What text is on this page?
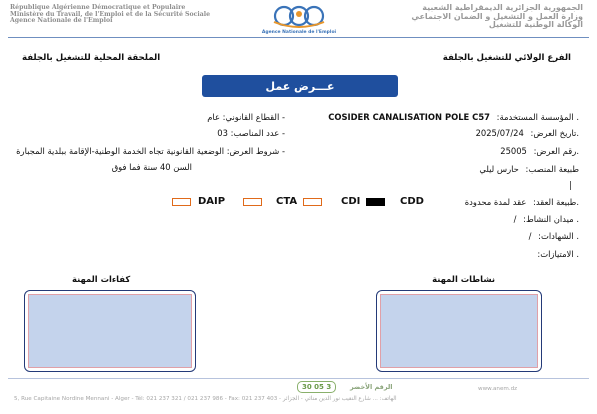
République Algérienne Démocratique et Populaire
Ministère du Travail, de l'Emploi et de la Sécurité Sociale
Agence Nationale de l'Emploi
الجمهورية الجزائرية الديمقراطية الشعبية
وزارة العمل و التشغيل و الضمان الاجتماعي
الوكالة الوطنية للتشغيل
Agence Nationale de l'Emploi
الفرع الولائي للتشغيل بالجلفة
الملحقة المحلية للتشغيل بالجلفة
عـــرض عمل
. المؤسسة المستخدمة: COSIDER CANALISATION POLE C57
.تاريخ العرض: 2025/07/24
.رقم العرض: 25005
طبيعة المنصب: حارس ليلي
|
.طبيعة العقد: عقد لمدة محدودة
. ميدان النشاط: /
. الشهادات: /
. الامتيازات:
- القطاع القانوني: عام
- عدد المناصب: 03
- شروط العرض: الوضعية القانونية تجاه الخدمة الوطنية-الإقامة ببلدية المجبارة
السن 40 سنة فما فوق
DAIP	CTA	CDI	CDD
نشاطات المهنة
كفاءات المهنة
30 05 3	الرقم الأخضر	www.anem.dz
5, Rue Capitaine Nordine Mennani - Alger - Tél: 021 237 321 / 021 237 986 - Fax: 021 237 403 - الهاتف: ... شارع النقيب نور الدين منائي - الجزائر
